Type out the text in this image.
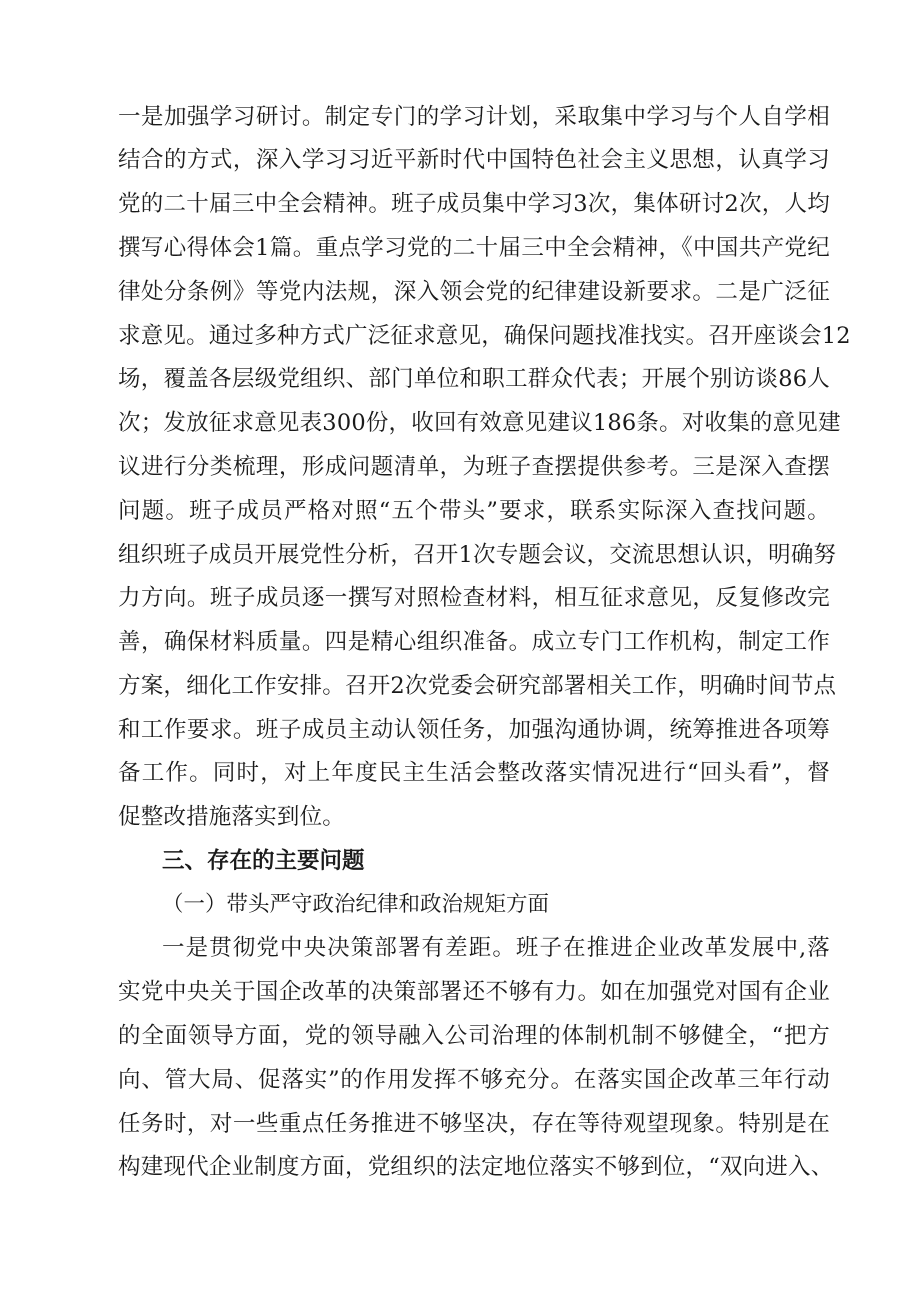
一是加强学习研讨。制定专门的学习计划，采取集中学习与个人自学相
结合的方式，深入学习习近平新时代中国特色社会主义思想，认真学习
党的二十届三中全会精神。班子成员集中学习3次，集体研讨2次，人均
撰写心得体会1篇。重点学习党的二十届三中全会精神，《中国共产党纪
律处分条例》等党内法规，深入领会党的纪律建设新要求。二是广泛征
求意见。通过多种方式广泛征求意见，确保问题找准找实。召开座谈会12
场，覆盖各层级党组织、部门单位和职工群众代表；开展个别访谈86人
次；发放征求意见表300份，收回有效意见建议186条。对收集的意见建
议进行分类梳理，形成问题清单，为班子查摆提供参考。三是深入查摆
问题。班子成员严格对照“五个带头”要求，联系实际深入查找问题。
组织班子成员开展党性分析，召开1次专题会议，交流思想认识，明确努
力方向。班子成员逐一撰写对照检查材料，相互征求意见，反复修改完
善，确保材料质量。四是精心组织准备。成立专门工作机构，制定工作
方案，细化工作安排。召开2次党委会研究部署相关工作，明确时间节点
和工作要求。班子成员主动认领任务，加强沟通协调，统筹推进各项筹
备工作。同时，对上年度民主生活会整改落实情况进行“回头看”，督
促整改措施落实到位。
三、存在的主要问题
（一）带头严守政治纪律和政治规矩方面
一是贯彻党中央决策部署有差距。班子在推进企业改革发展中,落
实党中央关于国企改革的决策部署还不够有力。如在加强党对国有企业
的全面领导方面，党的领导融入公司治理的体制机制不够健全，“把方
向、管大局、促落实”的作用发挥不够充分。在落实国企改革三年行动
任务时，对一些重点任务推进不够坚决，存在等待观望现象。特别是在
构建现代企业制度方面，党组织的法定地位落实不够到位，“双向进入、
